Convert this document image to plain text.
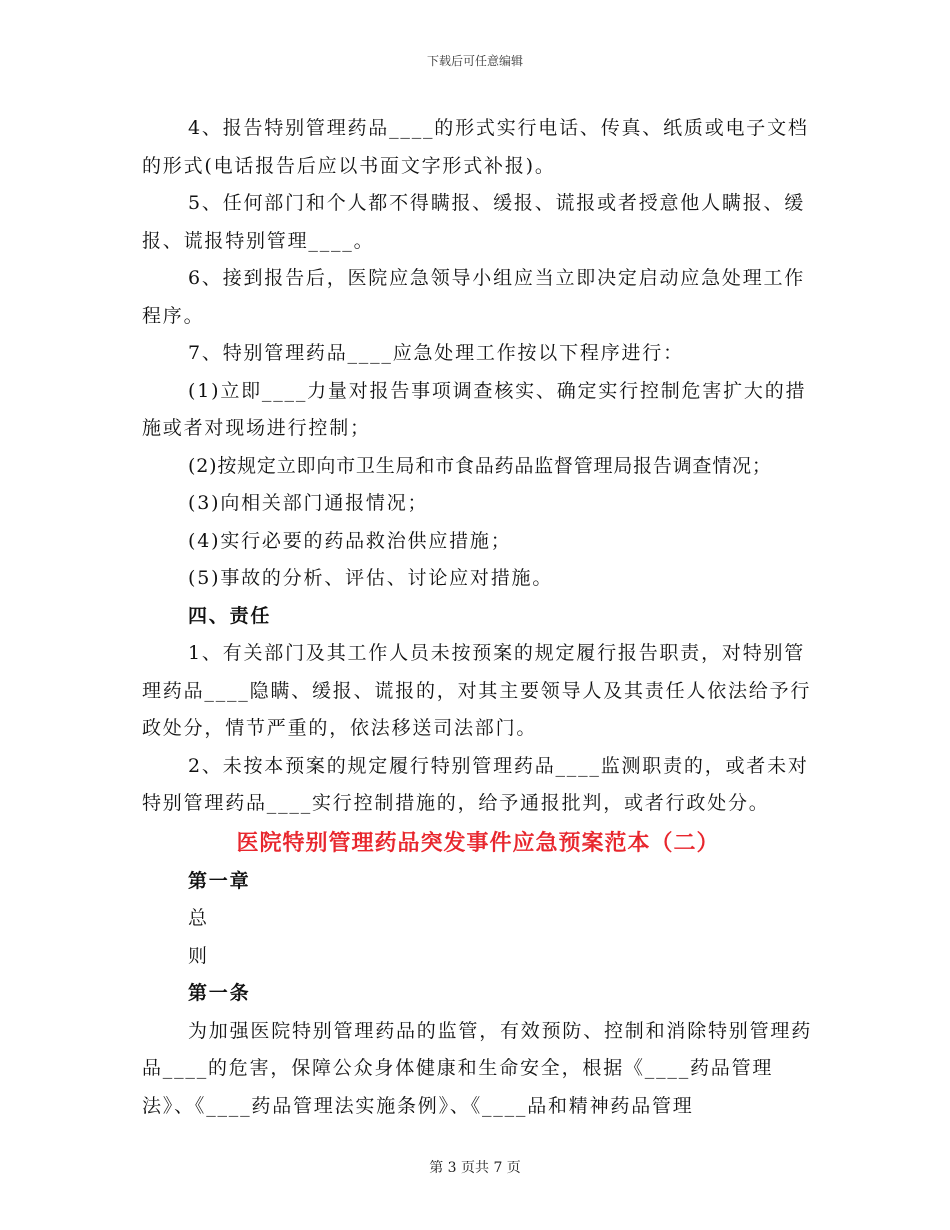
下载后可任意编辑

4、报告特别管理药品____的形式实行电话、传真、纸质或电子文档的形式(电话报告后应以书面文字形式补报)。

5、任何部门和个人都不得瞒报、缓报、谎报或者授意他人瞒报、缓报、谎报特别管理____。

6、接到报告后，医院应急领导小组应当立即决定启动应急处理工作程序。

7、特别管理药品____应急处理工作按以下程序进行：

(1)立即____力量对报告事项调查核实、确定实行控制危害扩大的措施或者对现场进行控制；

(2)按规定立即向市卫生局和市食品药品监督管理局报告调查情况；

(3)向相关部门通报情况；

(4)实行必要的药品救治供应措施；

(5)事故的分析、评估、讨论应对措施。

四、责任

1、有关部门及其工作人员未按预案的规定履行报告职责，对特别管理药品____隐瞒、缓报、谎报的，对其主要领导人及其责任人依法给予行政处分，情节严重的，依法移送司法部门。

2、未按本预案的规定履行特别管理药品____监测职责的，或者未对特别管理药品____实行控制措施的，给予通报批判，或者行政处分。

医院特别管理药品突发事件应急预案范本（二）

第一章

总

则

第一条

为加强医院特别管理药品的监管，有效预防、控制和消除特别管理药品____的危害，保障公众身体健康和生命安全，根据《____药品管理法》、《____药品管理法实施条例》、《____品和精神药品管理

第 3 页共 7 页
